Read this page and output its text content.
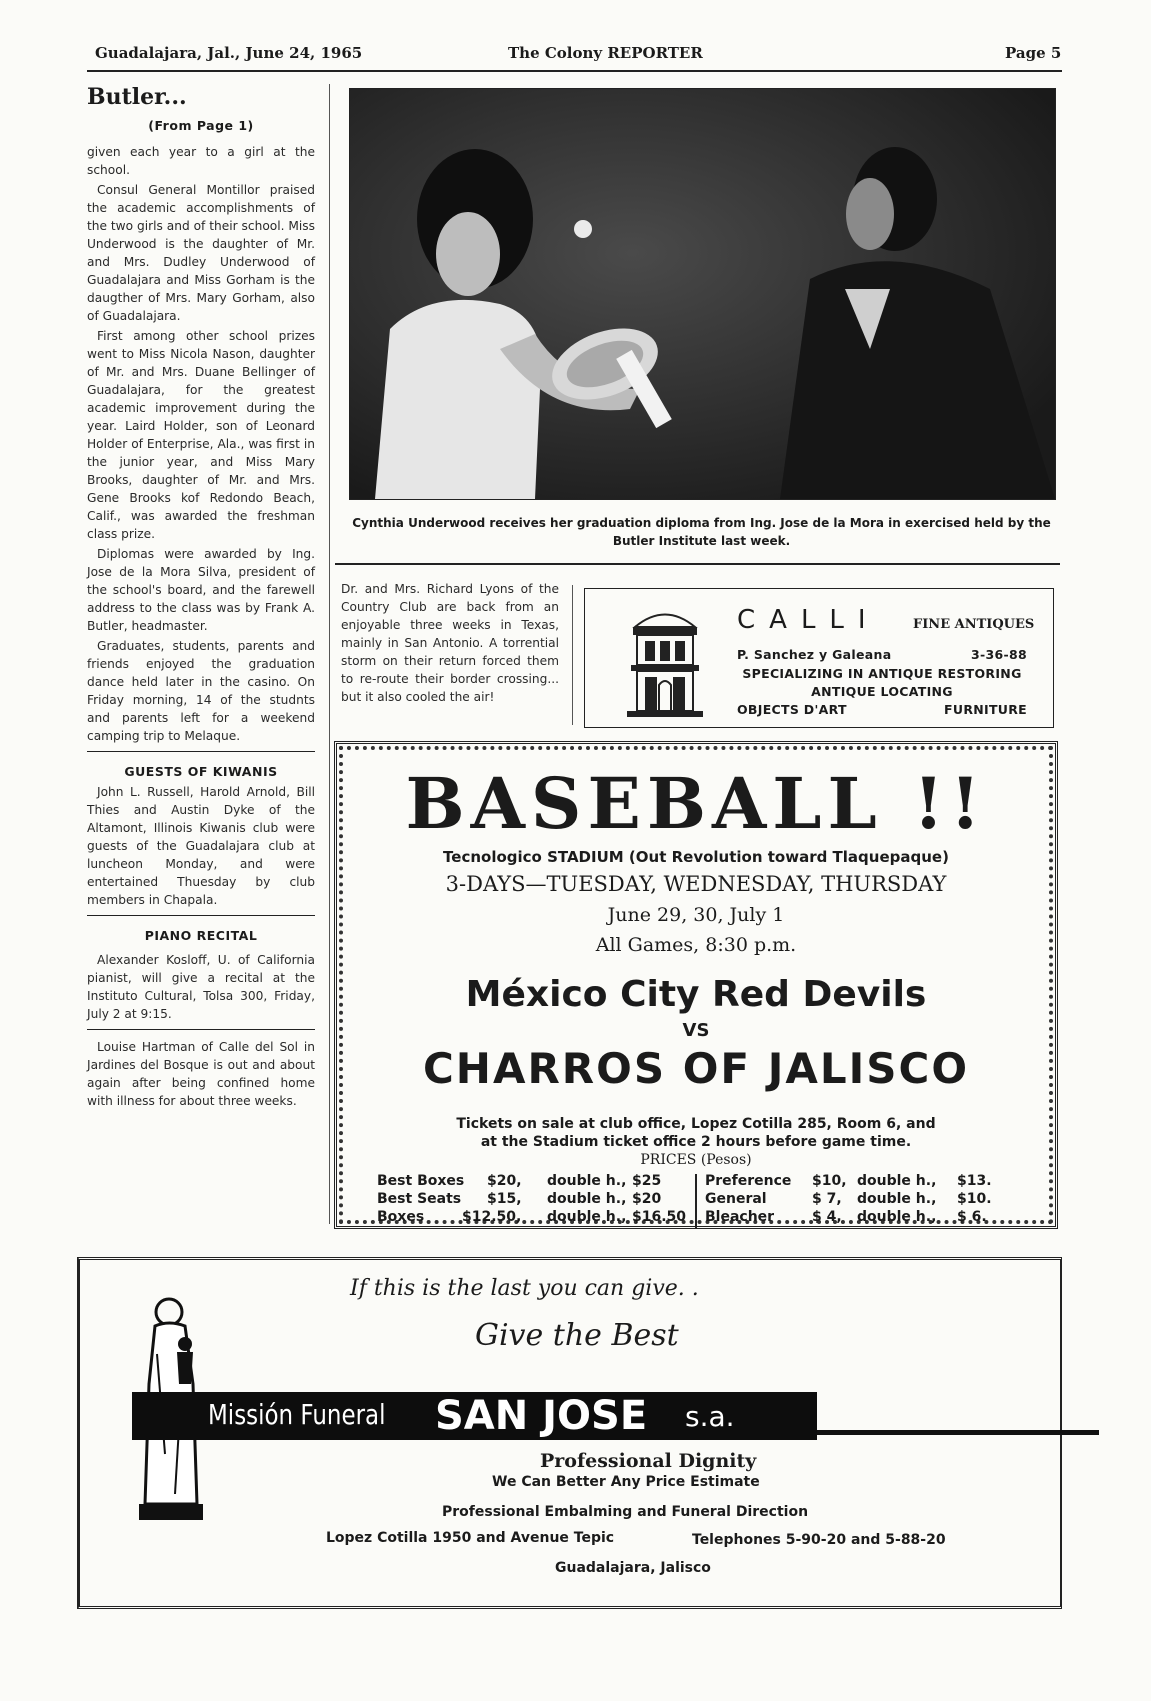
Guadalajara, Jal., June 24, 1965	The Colony REPORTER	Page 5
Butler...
(From Page 1)

given each year to a girl at the school.

Consul General Montillor praised the academic accomplishments of the two girls and of their school. Miss Underwood is the daughter of Mr. and Mrs. Dudley Underwood of Guadalajara and Miss Gorham is the daugther of Mrs. Mary Gorham, also of Guadalajara.

First among other school prizes went to Miss Nicola Nason, daughter of Mr. and Mrs. Duane Bellinger of Guadalajara, for the greatest academic improvement during the year. Laird Holder, son of Leonard Holder of Enterprise, Ala., was first in the junior year, and Miss Mary Brooks, daughter of Mr. and Mrs. Gene Brooks kof Redondo Beach, Calif., was awarded the freshman class prize.

Diplomas were awarded by Ing. Jose de la Mora Silva, president of the school's board, and the farewell address to the class was by Frank A. Butler, headmaster.

Graduates, students, parents and friends enjoyed the graduation dance held later in the casino. On Friday morning, 14 of the studnts and parents left for a weekend camping trip to Melaque.

GUESTS OF KIWANIS

John L. Russell, Harold Arnold, Bill Thies and Austin Dyke of the Altamont, Illinois Kiwanis club were guests of the Guadalajara club at luncheon Monday, and were entertained Thuesday by club members in Chapala.

PIANO RECITAL

Alexander Kosloff, U. of California pianist, will give a recital at the Instituto Cultural, Tolsa 300, Friday, July 2 at 9:15.

Louise Hartman of Calle del Sol in Jardines del Bosque is out and about again after being confined home with illness for about three weeks.

Cynthia Underwood receives her graduation diploma from Ing. Jose de la Mora in exercised held by the Butler Institute last week.

Dr. and Mrs. Richard Lyons of the Country Club are back from an enjoyable three weeks in Texas, mainly in San Antonio. A torrential storm on their return forced them to re-route their border crossing... but it also cooled the air!

CALLI	FINE ANTIQUES
P. Sanchez y Galeana	3-36-88
SPECIALIZING IN ANTIQUE RESTORING
ANTIQUE LOCATING
OBJECTS D'ART	FURNITURE
BASEBALL !!
Tecnologico STADIUM (Out Revolution toward Tlaquepaque)
3-DAYS—TUESDAY, WEDNESDAY, THURSDAY
June 29, 30, July 1
All Games, 8:30 p.m.
México City Red Devils
VS
CHARROS OF JALISCO
Tickets on sale at club office, Lopez Cotilla 285, Room 6, and
at the Stadium ticket office 2 hours before game time.
PRICES (Pesos)
Best Boxes	$20,	double h., $25
Best Seats	$15,	double h., $20
Boxes	$12.50,	double h., $16.50
Preference	$10, double h.,	$13.
General	$ 7,	double h.,	$10.
Bleacher	$ 4,	double h.,	$ 6.
If this is the last you can give. .
Give the Best
Missión Funeral SAN JOSE s.a.
Professional Dignity
We Can Better Any Price Estimate
Professional Embalming and Funeral Direction
Lopez Cotilla 1950 and Avenue Tepic	Telephones 5-90-20 and 5-88-20
Guadalajara, Jalisco
